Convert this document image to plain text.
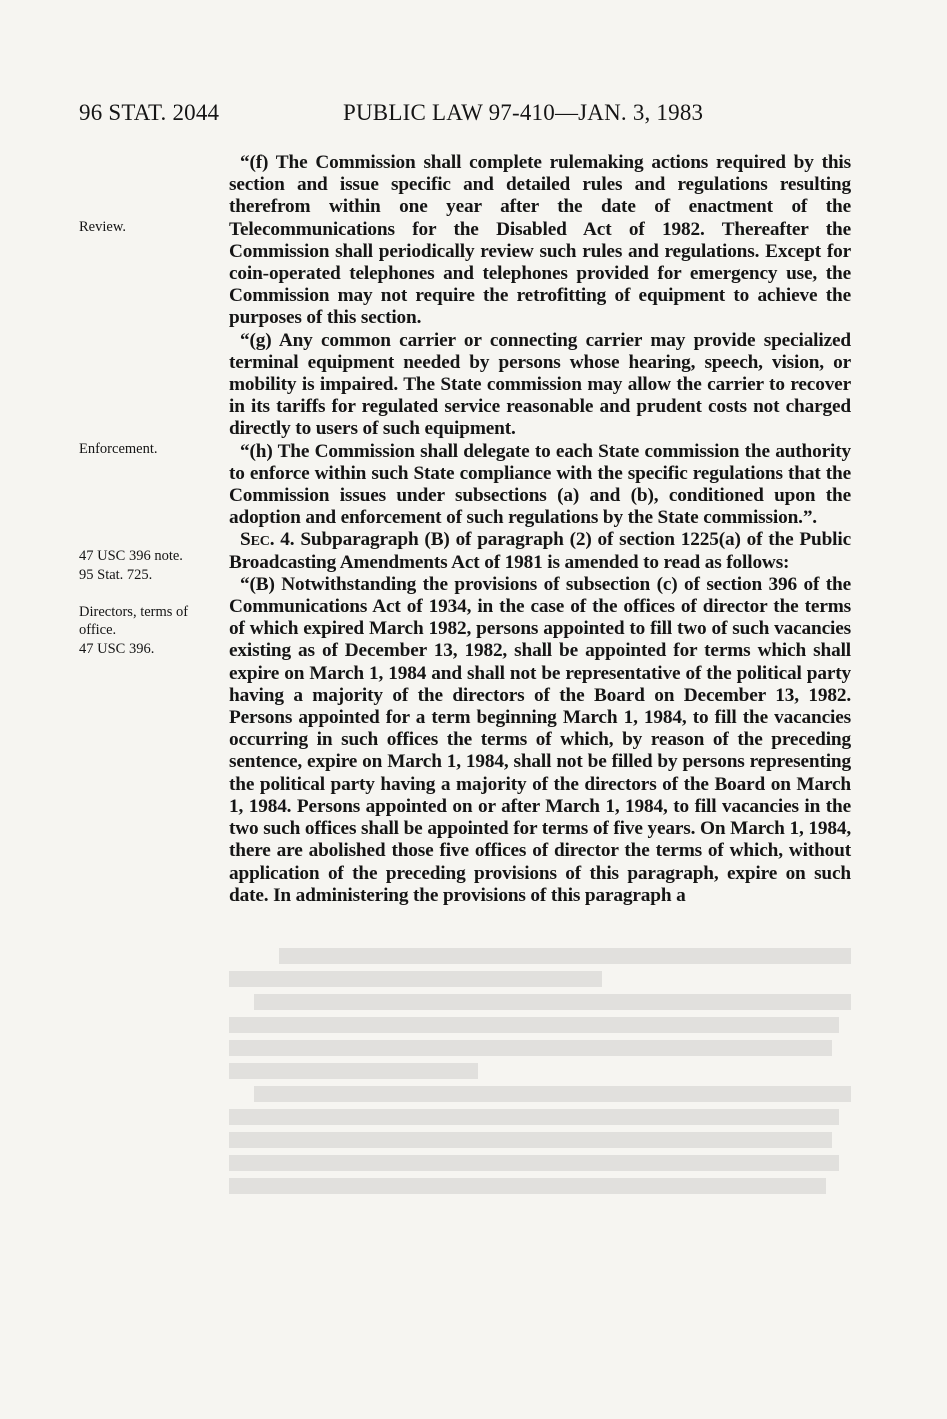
96 STAT. 2044	PUBLIC LAW 97-410—JAN. 3, 1983
Review.
Enforcement.
47 USC 396 note.
95 Stat. 725.
Directors, terms of office.
47 USC 396.

“(f) The Commission shall complete rulemaking actions required by this section and issue specific and detailed rules and regulations resulting therefrom within one year after the date of enactment of the Telecommunications for the Disabled Act of 1982. Thereafter the Commission shall periodically review such rules and regulations. Except for coin-operated telephones and telephones provided for emergency use, the Commission may not require the retrofitting of equipment to achieve the purposes of this section.

“(g) Any common carrier or connecting carrier may provide specialized terminal equipment needed by persons whose hearing, speech, vision, or mobility is impaired. The State commission may allow the carrier to recover in its tariffs for regulated service reasonable and prudent costs not charged directly to users of such equipment.

“(h) The Commission shall delegate to each State commission the authority to enforce within such State compliance with the specific regulations that the Commission issues under subsections (a) and (b), conditioned upon the adoption and enforcement of such regulations by the State commission.”.

Sec. 4. Subparagraph (B) of paragraph (2) of section 1225(a) of the Public Broadcasting Amendments Act of 1981 is amended to read as follows:

“(B) Notwithstanding the provisions of subsection (c) of section 396 of the Communications Act of 1934, in the case of the offices of director the terms of which expired March 1982, persons appointed to fill two of such vacancies existing as of December 13, 1982, shall be appointed for terms which shall expire on March 1, 1984 and shall not be representative of the political party having a majority of the directors of the Board on December 13, 1982. Persons appointed for a term beginning March 1, 1984, to fill the vacancies occurring in such offices the terms of which, by reason of the preceding sentence, expire on March 1, 1984, shall not be filled by persons representing the political party having a majority of the directors of the Board on March 1, 1984. Persons appointed on or after March 1, 1984, to fill vacancies in the two such offices shall be appointed for terms of five years. On March 1, 1984, there are abolished those five offices of director the terms of which, without application of the preceding provisions of this paragraph, expire on such date. In administering the provisions of this paragraph a
